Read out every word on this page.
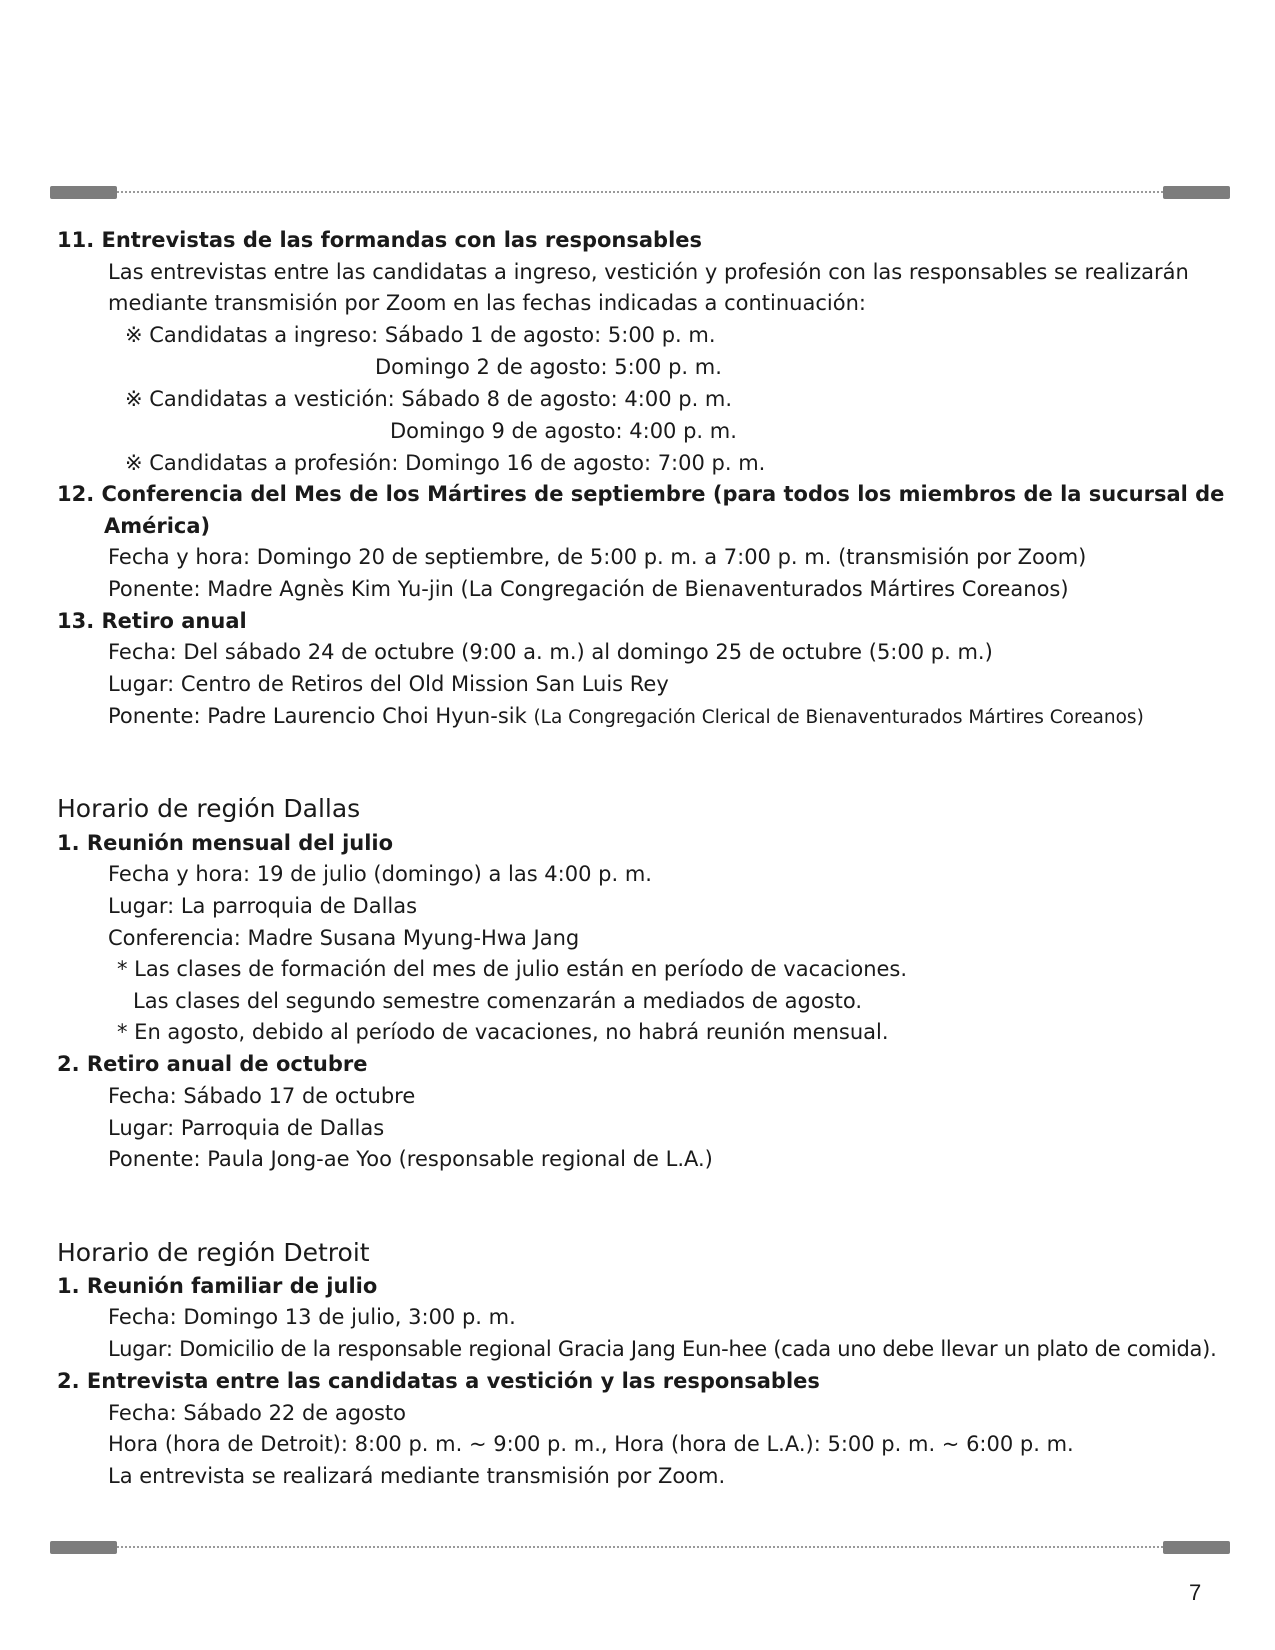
11. Entrevistas de las formandas con las responsables
Las entrevistas entre las candidatas a ingreso, vestición y profesión con las responsables se realizarán
mediante transmisión por Zoom en las fechas indicadas a continuación:
※ Candidatas a ingreso: Sábado 1 de agosto: 5:00 p. m.
Domingo 2 de agosto: 5:00 p. m.
※ Candidatas a vestición: Sábado 8 de agosto: 4:00 p. m.
Domingo 9 de agosto: 4:00 p. m.
※ Candidatas a profesión: Domingo 16 de agosto: 7:00 p. m.
12. Conferencia del Mes de los Mártires de septiembre (para todos los miembros de la sucursal de
América)
Fecha y hora: Domingo 20 de septiembre, de 5:00 p. m. a 7:00 p. m. (transmisión por Zoom)
Ponente: Madre Agnès Kim Yu-jin (La Congregación de Bienaventurados Mártires Coreanos)
13. Retiro anual
Fecha: Del sábado 24 de octubre (9:00 a. m.) al domingo 25 de octubre (5:00 p. m.)
Lugar: Centro de Retiros del Old Mission San Luis Rey
Ponente: Padre Laurencio Choi Hyun-sik (La Congregación Clerical de Bienaventurados Mártires Coreanos)
Horario de región Dallas
1. Reunión mensual del julio
Fecha y hora: 19 de julio (domingo) a las 4:00 p. m.
Lugar: La parroquia de Dallas
Conferencia: Madre Susana Myung-Hwa Jang
* Las clases de formación del mes de julio están en período de vacaciones.
Las clases del segundo semestre comenzarán a mediados de agosto.
* En agosto, debido al período de vacaciones, no habrá reunión mensual.
2. Retiro anual de octubre
Fecha: Sábado 17 de octubre
Lugar: Parroquia de Dallas
Ponente: Paula Jong-ae Yoo (responsable regional de L.A.)
Horario de región Detroit
1. Reunión familiar de julio
Fecha: Domingo 13 de julio, 3:00 p. m.
Lugar: Domicilio de la responsable regional Gracia Jang Eun-hee (cada uno debe llevar un plato de comida).
2. Entrevista entre las candidatas a vestición y las responsables
Fecha: Sábado 22 de agosto
Hora (hora de Detroit): 8:00 p. m. ~ 9:00 p. m., Hora (hora de L.A.): 5:00 p. m. ~ 6:00 p. m.
La entrevista se realizará mediante transmisión por Zoom.
7
